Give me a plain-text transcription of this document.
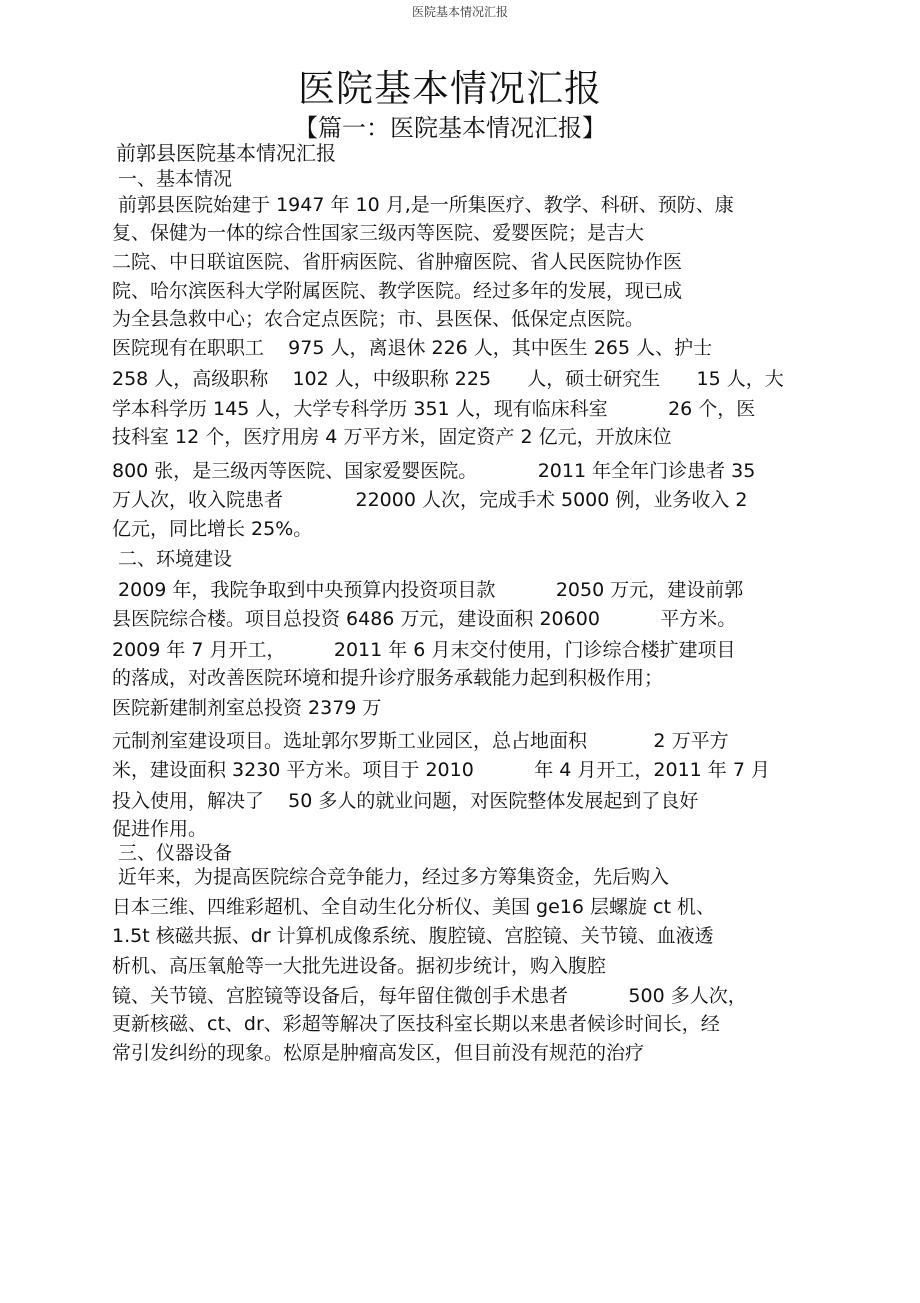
医院基本情况汇报
医院基本情况汇报
【篇一：医院基本情况汇报】
前郭县医院基本情况汇报
一、基本情况
前郭县医院始建于 1947 年 10 月,是一所集医疗、教学、科研、预防、康
复、保健为一体的综合性国家三级丙等医院、爱婴医院；是吉大
二院、中日联谊医院、省肝病医院、省肿瘤医院、省人民医院协作医
院、哈尔滨医科大学附属医院、教学医院。经过多年的发展，现已成
为全县急救中心；农合定点医院；市、县医保、低保定点医院。
医院现有在职职工    975 人，离退休 226 人，其中医生 265 人、护士
258 人，高级职称    102 人，中级职称 225      人，硕士研究生      15 人，大
学本科学历 145 人，大学专科学历 351 人，现有临床科室          26 个，医
技科室 12 个，医疗用房 4 万平方米，固定资产 2 亿元，开放床位
800 张，是三级丙等医院、国家爱婴医院。          2011 年全年门诊患者 35
万人次，收入院患者            22000 人次，完成手术 5000 例，业务收入 2
亿元，同比增长 25%。
二、环境建设
2009 年，我院争取到中央预算内投资项目款          2050 万元，建设前郭
县医院综合楼。项目总投资 6486 万元，建设面积 20600          平方米。
2009 年 7 月开工，        2011 年 6 月末交付使用，门诊综合楼扩建项目
的落成，对改善医院环境和提升诊疗服务承载能力起到积极作用；
医院新建制剂室总投资 2379 万
元制剂室建设项目。选址郭尔罗斯工业园区，总占地面积           2 万平方
米，建设面积 3230 平方米。项目于 2010          年 4 月开工，2011 年 7 月
投入使用，解决了    50 多人的就业问题，对医院整体发展起到了良好
促进作用。
三、仪器设备
近年来，为提高医院综合竞争能力，经过多方筹集资金，先后购入
日本三维、四维彩超机、全自动生化分析仪、美国 ge16 层螺旋 ct 机、
1.5t 核磁共振、dr 计算机成像系统、腹腔镜、宫腔镜、关节镜、血液透
析机、高压氧舱等一大批先进设备。据初步统计，购入腹腔
镜、关节镜、宫腔镜等设备后，每年留住微创手术患者          500 多人次，
更新核磁、ct、dr、彩超等解决了医技科室长期以来患者候诊时间长，经
常引发纠纷的现象。松原是肿瘤高发区，但目前没有规范的治疗
